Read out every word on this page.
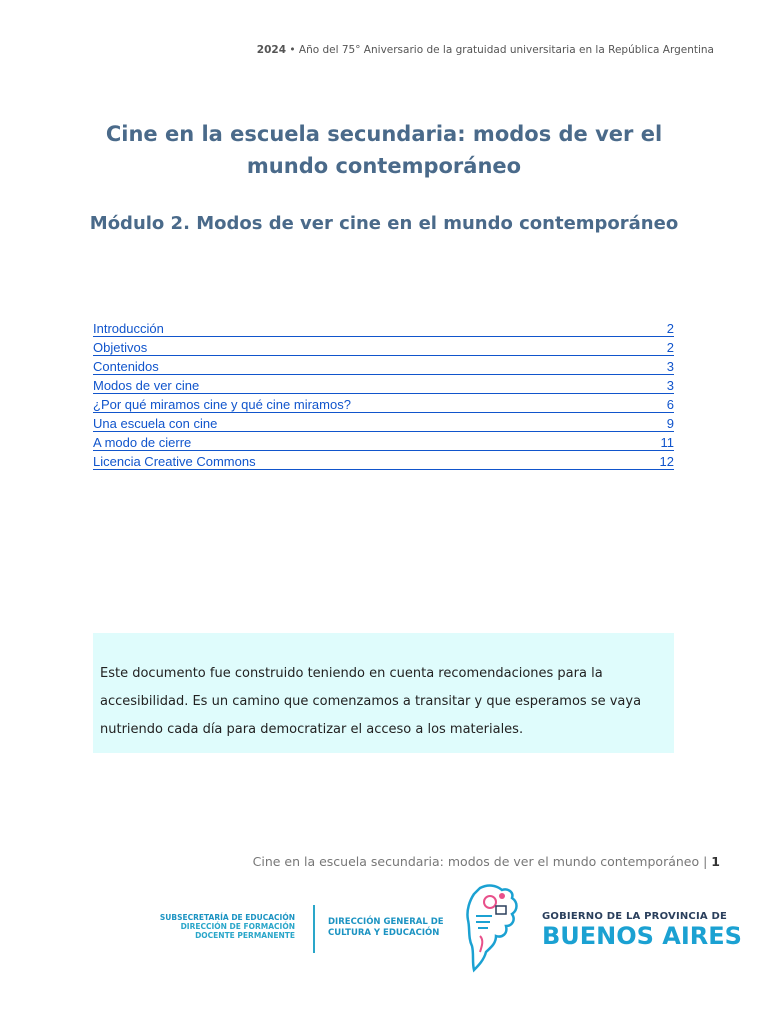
2024 • Año del 75° Aniversario de la gratuidad universitaria en la República Argentina
Cine en la escuela secundaria: modos de ver el
mundo contemporáneo
Módulo 2. Modos de ver cine en el mundo contemporáneo
Introducción	2
Objetivos	2
Contenidos	3
Modos de ver cine	3
¿Por qué miramos cine y qué cine miramos?	6
Una escuela con cine	9
A modo de cierre	11
Licencia Creative Commons	12
Este documento fue construido teniendo en cuenta recomendaciones para la
accesibilidad. Es un camino que comenzamos a transitar y que esperamos se vaya
nutriendo cada día para democratizar el acceso a los materiales.
Cine en la escuela secundaria: modos de ver el mundo contemporáneo | 1
SUBSECRETARÍA DE EDUCACIÓN
DIRECCIÓN DE FORMACIÓN
DOCENTE PERMANENTE
DIRECCIÓN GENERAL DE
CULTURA Y EDUCACIÓN
GOBIERNO DE LA PROVINCIA DE
BUENOS AIRES
